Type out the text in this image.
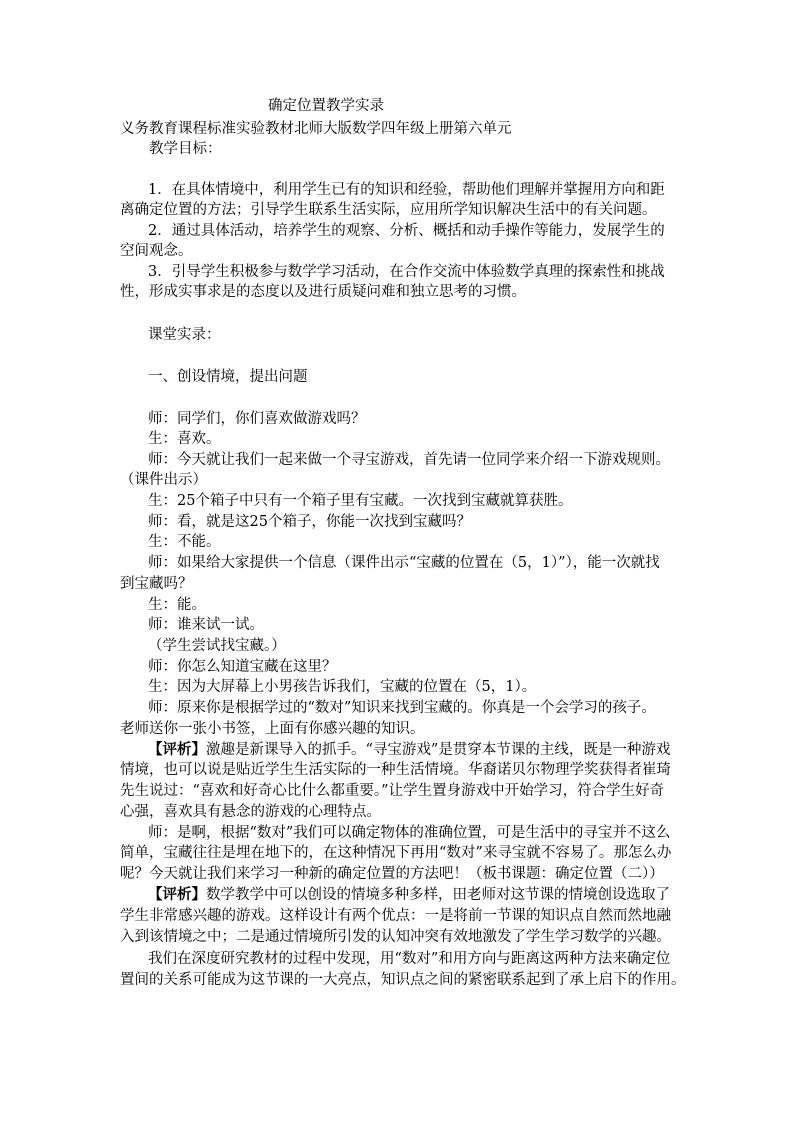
确定位置教学实录
义务教育课程标准实验教材北师大版数学四年级上册第六单元
教学目标：
1．在具体情境中，利用学生已有的知识和经验，帮助他们理解并掌握用方向和距
离确定位置的方法；引导学生联系生活实际，应用所学知识解决生活中的有关问题。
2．通过具体活动，培养学生的观察、分析、概括和动手操作等能力，发展学生的
空间观念。
3．引导学生积极参与数学学习活动，在合作交流中体验数学真理的探索性和挑战
性，形成实事求是的态度以及进行质疑问难和独立思考的习惯。
课堂实录：
一、创设情境，提出问题
师：同学们，你们喜欢做游戏吗？
生：喜欢。
师：今天就让我们一起来做一个寻宝游戏，首先请一位同学来介绍一下游戏规则。
（课件出示）
生：25个箱子中只有一个箱子里有宝藏。一次找到宝藏就算获胜。
师：看，就是这25个箱子，你能一次找到宝藏吗？
生：不能。
师：如果给大家提供一个信息（课件出示“宝藏的位置在（5，1）”），能一次就找
到宝藏吗？
生：能。
师：谁来试一试。
（学生尝试找宝藏。）
师：你怎么知道宝藏在这里？
生：因为大屏幕上小男孩告诉我们，宝藏的位置在（5，1）。
师：原来你是根据学过的“数对”知识来找到宝藏的。你真是一个会学习的孩子。
老师送你一张小书签，上面有你感兴趣的知识。
【评析】激趣是新课导入的抓手。“寻宝游戏”是贯穿本节课的主线，既是一种游戏
情境，也可以说是贴近学生生活实际的一种生活情境。华裔诺贝尔物理学奖获得者崔琦
先生说过：“喜欢和好奇心比什么都重要。”让学生置身游戏中开始学习，符合学生好奇
心强，喜欢具有悬念的游戏的心理特点。
师：是啊，根据“数对”我们可以确定物体的准确位置，可是生活中的寻宝并不这么
简单，宝藏往往是埋在地下的，在这种情况下再用“数对”来寻宝就不容易了。那怎么办
呢？今天就让我们来学习一种新的确定位置的方法吧！（板书课题：确定位置（二））
【评析】数学教学中可以创设的情境多种多样，田老师对这节课的情境创设选取了
学生非常感兴趣的游戏。这样设计有两个优点：一是将前一节课的知识点自然而然地融
入到该情境之中；二是通过情境所引发的认知冲突有效地激发了学生学习数学的兴趣。
我们在深度研究教材的过程中发现，用“数对”和用方向与距离这两种方法来确定位
置间的关系可能成为这节课的一大亮点，知识点之间的紧密联系起到了承上启下的作用。
